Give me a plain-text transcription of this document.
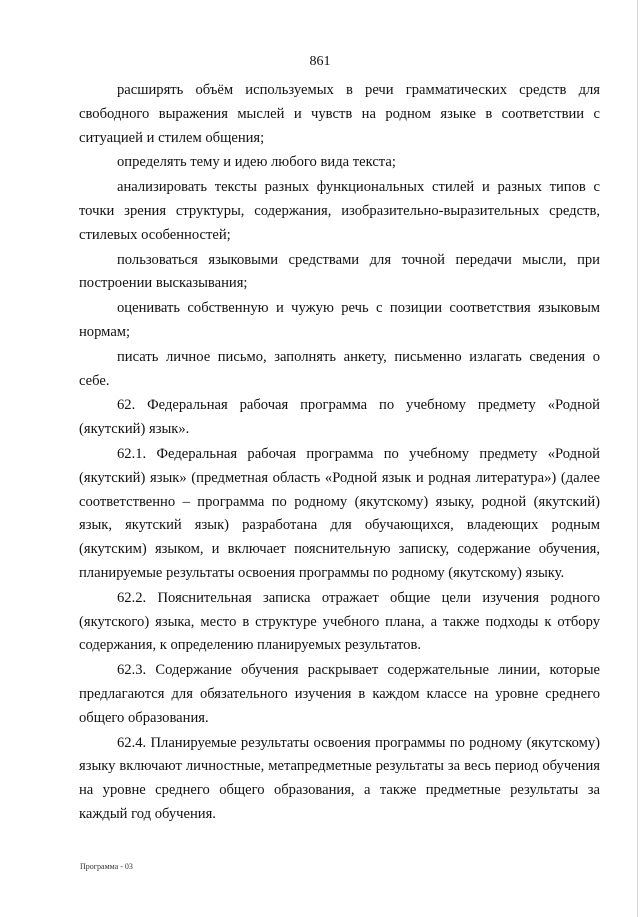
861

расширять объём используемых в речи грамматических средств для свободного выражения мыслей и чувств на родном языке в соответствии с ситуацией и стилем общения;

определять тему и идею любого вида текста;

анализировать тексты разных функциональных стилей и разных типов с точки зрения структуры, содержания, изобразительно-выразительных средств, стилевых особенностей;

пользоваться языковыми средствами для точной передачи мысли, при построении высказывания;

оценивать собственную и чужую речь с позиции соответствия языковым нормам;

писать личное письмо, заполнять анкету, письменно излагать сведения о себе.

62. Федеральная рабочая программа по учебному предмету «Родной (якутский) язык».

62.1. Федеральная рабочая программа по учебному предмету «Родной (якутский) язык» (предметная область «Родной язык и родная литература») (далее соответственно – программа по родному (якутскому) языку, родной (якутский) язык, якутский язык) разработана для обучающихся, владеющих родным (якутским) языком, и включает пояснительную записку, содержание обучения, планируемые результаты освоения программы по родному (якутскому) языку.

62.2. Пояснительная записка отражает общие цели изучения родного (якутского) языка, место в структуре учебного плана, а также подходы к отбору содержания, к определению планируемых результатов.

62.3. Содержание обучения раскрывает содержательные линии, которые предлагаются для обязательного изучения в каждом классе на уровне среднего общего образования.

62.4. Планируемые результаты освоения программы по родному (якутскому) языку включают личностные, метапредметные результаты за весь период обучения на уровне среднего общего образования, а также предметные результаты за каждый год обучения.

Программа - 03
